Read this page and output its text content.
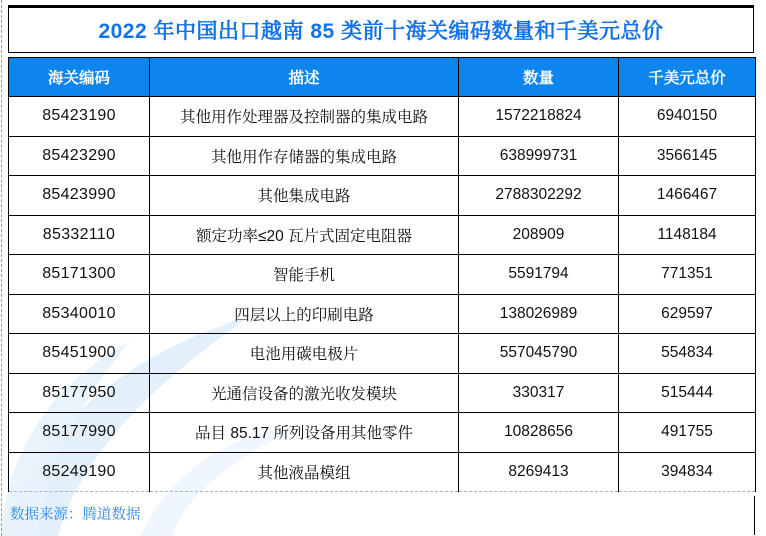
2022 年中国出口越南 85 类前十海关编码数量和千美元总价
海关编码	描述	数量	千美元总价
85423190	其他用作处理器及控制器的集成电路	1572218824	6940150
85423290	其他用作存储器的集成电路	638999731	3566145
85423990	其他集成电路	2788302292	1466467
85332110	额定功率≤20 瓦片式固定电阻器	208909	1148184
85171300	智能手机	5591794	771351
85340010	四层以上的印刷电路	138026989	629597
85451900	电池用碳电极片	557045790	554834
85177950	光通信设备的激光收发模块	330317	515444
85177990	品目 85.17 所列设备用其他零件	10828656	491755
85249190	其他液晶模组	8269413	394834
数据来源：腾道数据
